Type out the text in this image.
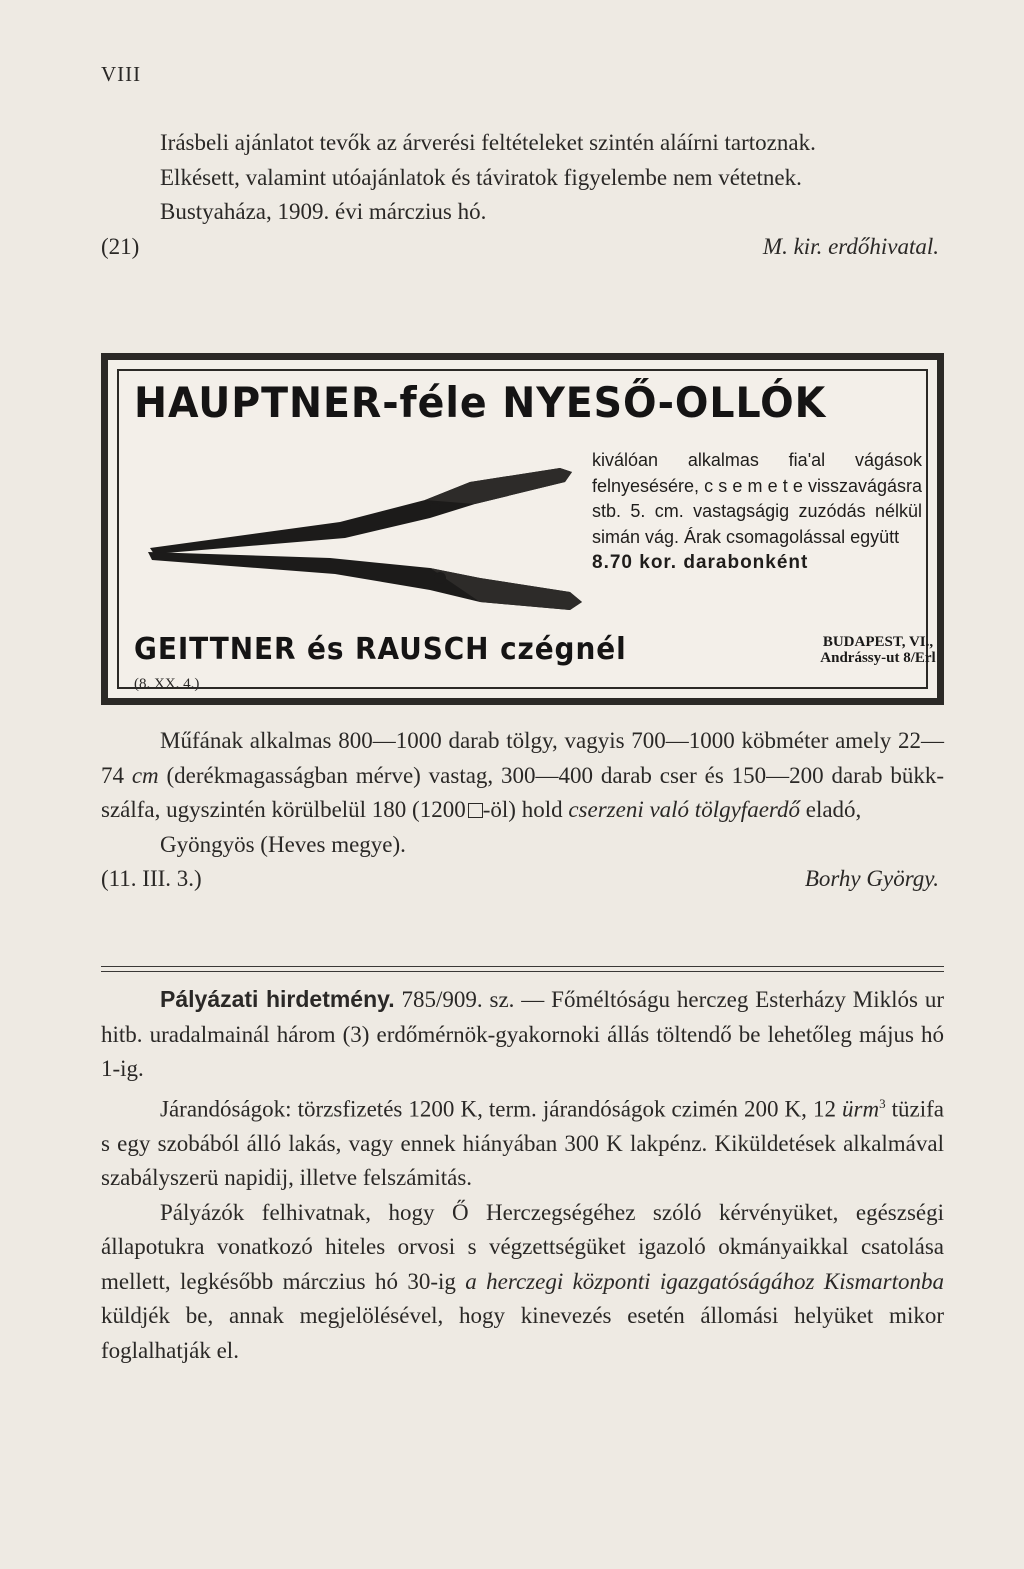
VIII

Irásbeli ajánlatot tevők az árverési feltételeket szintén aláírni tartoznak.

Elkésett, valamint utóajánlatok és táviratok figyelembe nem vétetnek.

Bustyaháza, 1909. évi márczius hó.

(21)	M. kir. erdőhivatal.

HAUPTNER-féle NYESŐ-OLLÓK
kiválóan alkalmas fia'al vágások felnyesésére, c s e m e t e visszavágásra stb. 5. cm. vastagságig zuzódás nélkül simán vág. Árak csomagolással együtt
8.70 kor. darabonként
GEITTNER és RAUSCH czégnél	BUDAPEST, VI.,
Andrássy-ut 8/Erl
(8. XX. 4.)

Műfának alkalmas 800—1000 darab tölgy, vagyis 700—1000 köbméter amely 22—74 cm (derékmagasságban mérve) vastag, 300—400 darab cser és 150—200 darab bükk-szálfa, ugyszintén körülbelül 180 (1200 -öl) hold cserzeni való tölgyfaerdő eladó,

Gyöngyös (Heves megye).

(11. III. 3.)	Borhy György.

Pályázati hirdetmény. 785/909. sz. — Főméltóságu herczeg Esterházy Miklós ur hitb. uradalmainál három (3) erdőmérnök-gyakornoki állás töltendő be lehetőleg május hó 1-ig.

Járandóságok: törzsfizetés 1200 K, term. járandóságok czimén 200 K, 12 ürm$^3$ tüzifa s egy szobából álló lakás, vagy ennek hiányában 300 K lakpénz. Kiküldetések alkalmával szabályszerü napidij, illetve felszámitás.

Pályázók felhivatnak, hogy Ő Herczegségéhez szóló kérvényüket, egészségi állapotukra vonatkozó hiteles orvosi s végzettségüket igazoló okmányaikkal csatolása mellett, legkésőbb márczius hó 30-ig a herczegi központi igazgatóságához Kismartonba küldjék be, annak megjelölésével, hogy kinevezés esetén állomási helyüket mikor foglalhatják el.
